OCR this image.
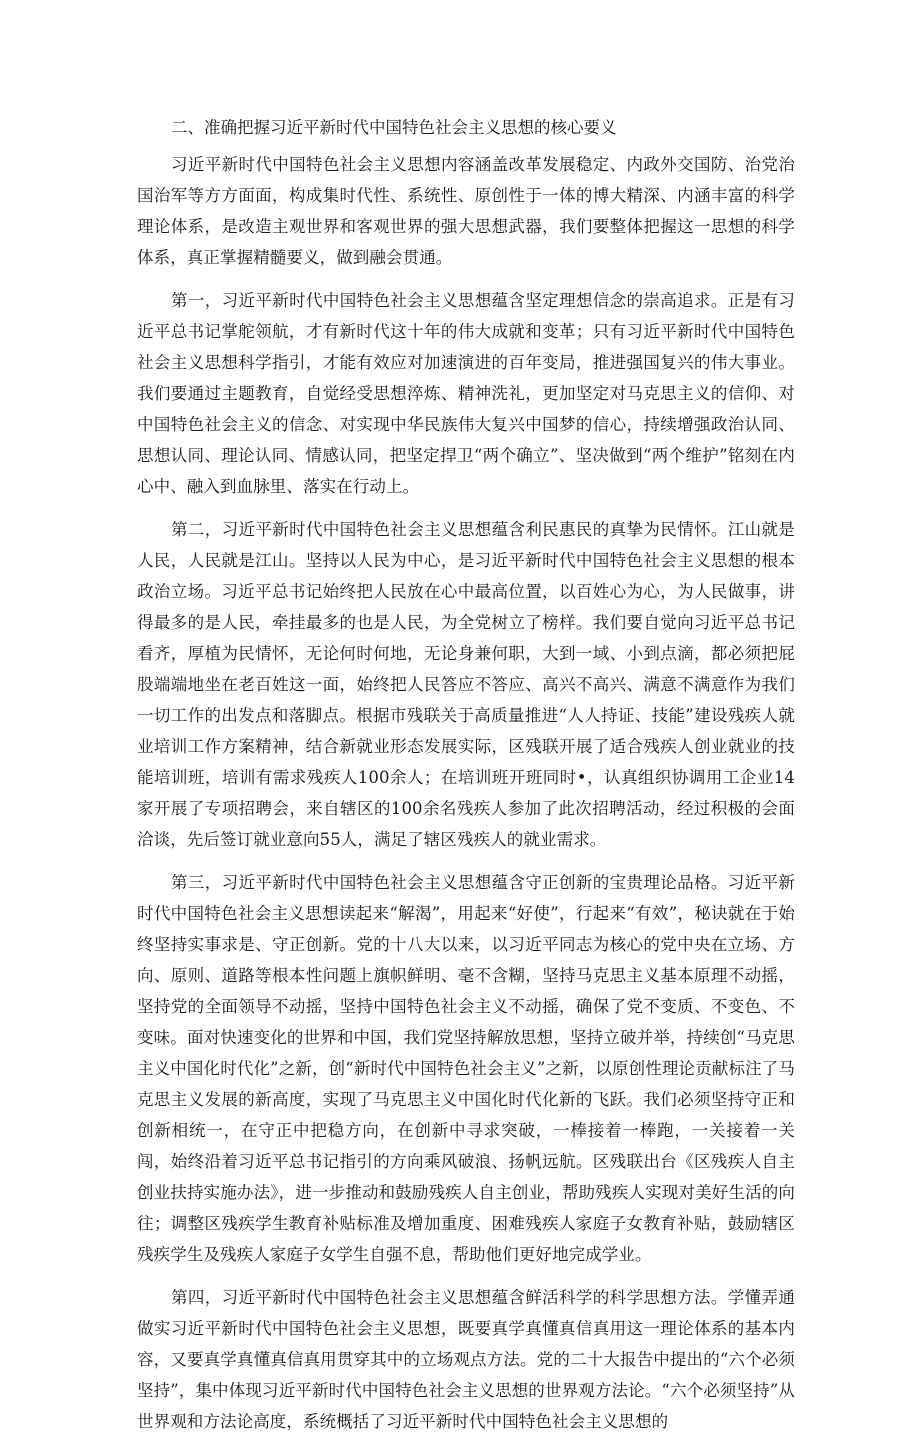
二、准确把握习近平新时代中国特色社会主义思想的核心要义

习近平新时代中国特色社会主义思想内容涵盖改革发展稳定、内政外交国防、治党治国治军等方方面面，构成集时代性、系统性、原创性于一体的博大精深、内涵丰富的科学理论体系，是改造主观世界和客观世界的强大思想武器，我们要整体把握这一思想的科学体系，真正掌握精髓要义，做到融会贯通。

第一，习近平新时代中国特色社会主义思想蕴含坚定理想信念的崇高追求。正是有习近平总书记掌舵领航，才有新时代这十年的伟大成就和变革；只有习近平新时代中国特色社会主义思想科学指引，才能有效应对加速演进的百年变局，推进强国复兴的伟大事业。我们要通过主题教育，自觉经受思想淬炼、精神洗礼，更加坚定对马克思主义的信仰、对中国特色社会主义的信念、对实现中华民族伟大复兴中国梦的信心，持续增强政治认同、思想认同、理论认同、情感认同，把坚定捍卫“两个确立”、坚决做到“两个维护”铭刻在内心中、融入到血脉里、落实在行动上。

第二，习近平新时代中国特色社会主义思想蕴含利民惠民的真挚为民情怀。江山就是人民，人民就是江山。坚持以人民为中心，是习近平新时代中国特色社会主义思想的根本政治立场。习近平总书记始终把人民放在心中最高位置，以百姓心为心，为人民做事，讲得最多的是人民，牵挂最多的也是人民，为全党树立了榜样。我们要自觉向习近平总书记看齐，厚植为民情怀，无论何时何地，无论身兼何职，大到一域、小到点滴，都必须把屁股端端地坐在老百姓这一面，始终把人民答应不答应、高兴不高兴、满意不满意作为我们一切工作的出发点和落脚点。根据市残联关于高质量推进“人人持证、技能”建设残疾人就业培训工作方案精神，结合新就业形态发展实际，区残联开展了适合残疾人创业就业的技能培训班，培训有需求残疾人100余人；在培训班开班同时•，认真组织协调用工企业14家开展了专项招聘会，来自辖区的100余名残疾人参加了此次招聘活动，经过积极的会面洽谈，先后签订就业意向55人，满足了辖区残疾人的就业需求。

第三，习近平新时代中国特色社会主义思想蕴含守正创新的宝贵理论品格。习近平新时代中国特色社会主义思想读起来“解渴”，用起来“好使”，行起来“有效”，秘诀就在于始终坚持实事求是、守正创新。党的十八大以来，以习近平同志为核心的党中央在立场、方向、原则、道路等根本性问题上旗帜鲜明、毫不含糊，坚持马克思主义基本原理不动摇，坚持党的全面领导不动摇，坚持中国特色社会主义不动摇，确保了党不变质、不变色、不变味。面对快速变化的世界和中国，我们党坚持解放思想，坚持立破并举，持续创“马克思主义中国化时代化”之新，创“新时代中国特色社会主义”之新，以原创性理论贡献标注了马克思主义发展的新高度，实现了马克思主义中国化时代化新的飞跃。我们必须坚持守正和创新相统一，在守正中把稳方向，在创新中寻求突破，一棒接着一棒跑，一关接着一关闯，始终沿着习近平总书记指引的方向乘风破浪、扬帆远航。区残联出台《区残疾人自主创业扶持实施办法》，进一步推动和鼓励残疾人自主创业，帮助残疾人实现对美好生活的向往；调整区残疾学生教育补贴标准及增加重度、困难残疾人家庭子女教育补贴，鼓励辖区残疾学生及残疾人家庭子女学生自强不息，帮助他们更好地完成学业。

第四，习近平新时代中国特色社会主义思想蕴含鲜活科学的科学思想方法。学懂弄通做实习近平新时代中国特色社会主义思想，既要真学真懂真信真用这一理论体系的基本内容，又要真学真懂真信真用贯穿其中的立场观点方法。党的二十大报告中提出的“六个必须坚持”，集中体现习近平新时代中国特色社会主义思想的世界观方法论。“六个必须坚持”从世界观和方法论高度，系统概括了习近平新时代中国特色社会主义思想的
